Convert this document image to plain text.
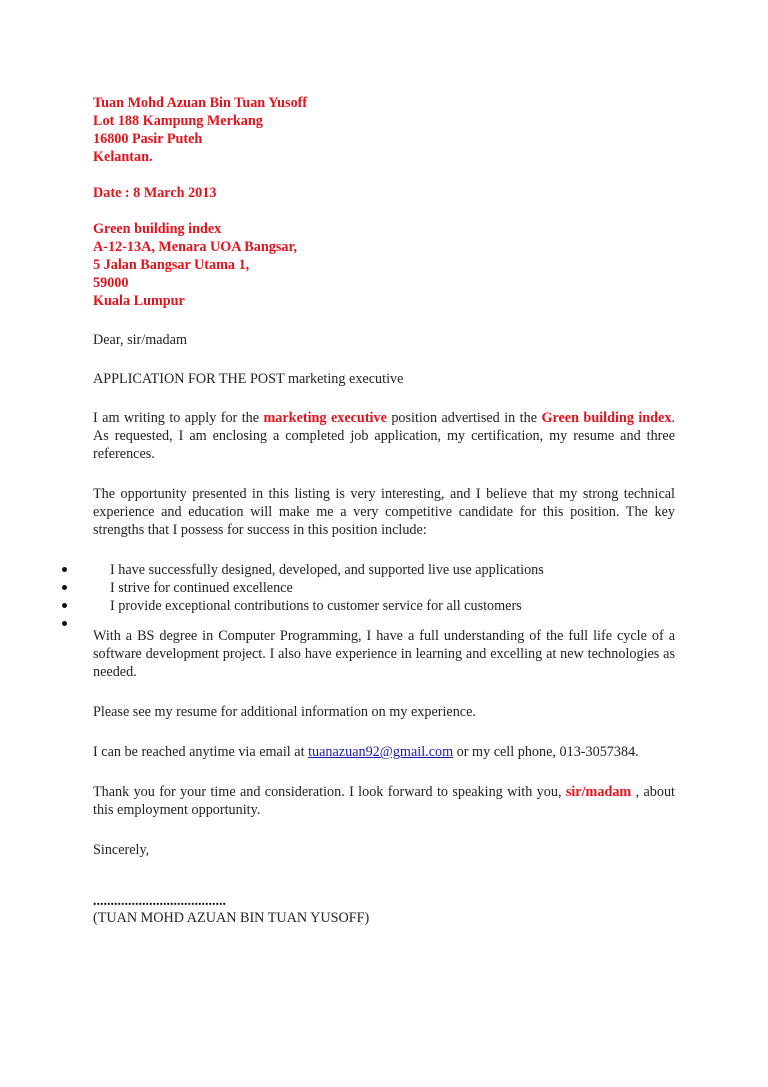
Tuan Mohd Azuan Bin Tuan Yusoff
Lot 188 Kampung Merkang
16800 Pasir Puteh
Kelantan.
Date : 8 March 2013
Green building index
A-12-13A, Menara UOA Bangsar,
5 Jalan Bangsar Utama 1,
59000
Kuala Lumpur

Dear, sir/madam

APPLICATION FOR THE POST marketing executive

I am writing to apply for the marketing executive position advertised in the Green building index. As requested, I am enclosing a completed job application, my certification, my resume and three references.

The opportunity presented in this listing is very interesting, and I believe that my strong technical experience and education will make me a very competitive candidate for this position. The key strengths that I possess for success in this position include:

I have successfully designed, developed, and supported live use applications
I strive for continued excellence
I provide exceptional contributions to customer service for all customers

With a BS degree in Computer Programming, I have a full understanding of the full life cycle of a software development project. I also have experience in learning and excelling at new technologies as needed.

Please see my resume for additional information on my experience.

I can be reached anytime via email at tuanazuan92@gmail.com or my cell phone, 013-3057384.

Thank you for your time and consideration. I look forward to speaking with you, sir/madam , about this employment opportunity.

Sincerely,

......................................

(TUAN MOHD AZUAN BIN TUAN YUSOFF)
